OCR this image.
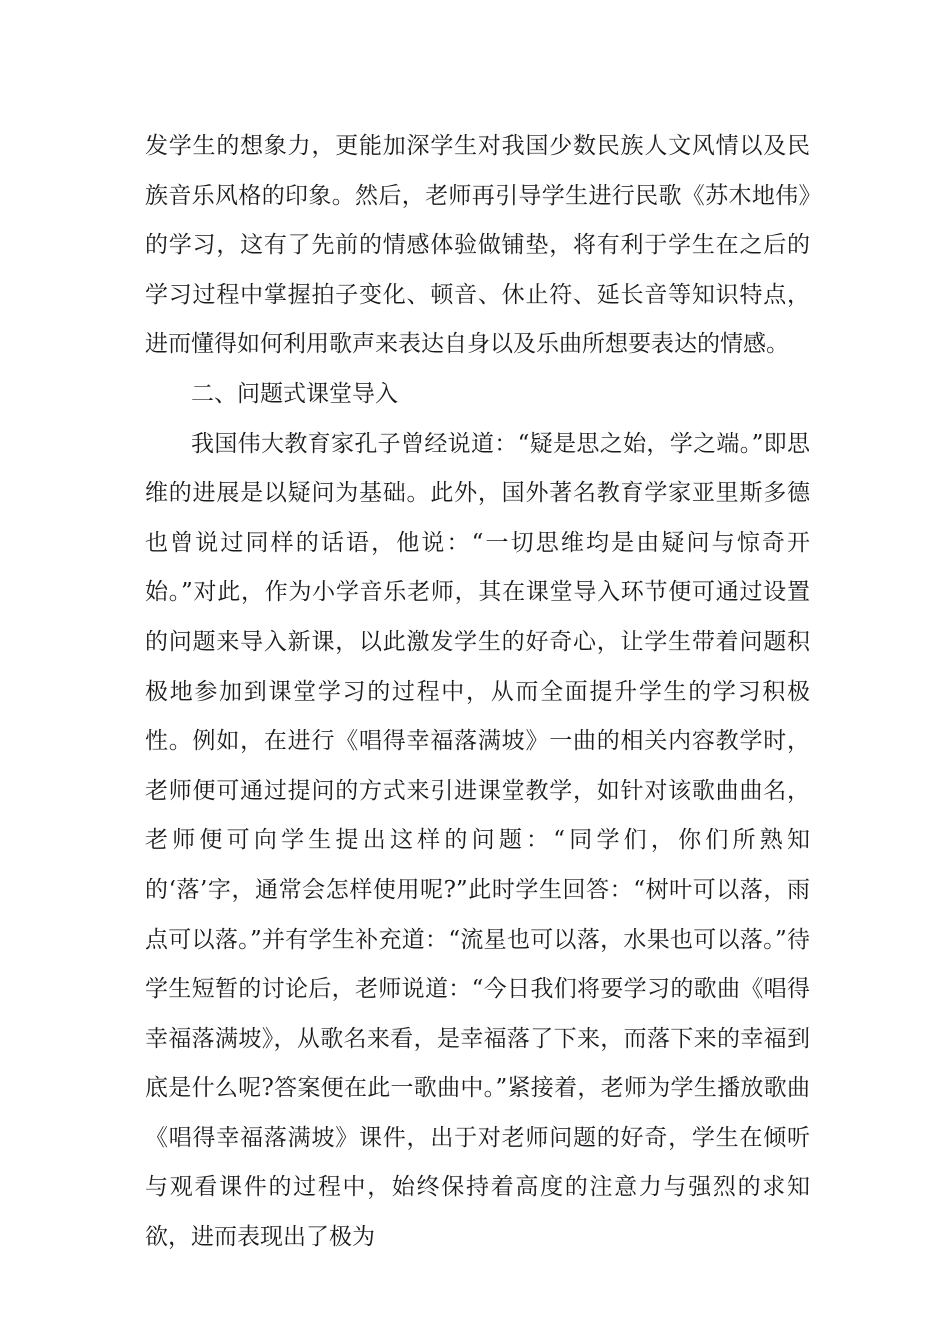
发学生的想象力，更能加深学生对我国少数民族人文风情以及民族音乐风格的印象。然后，老师再引导学生进行民歌《苏木地伟》的学习，这有了先前的情感体验做铺垫，将有利于学生在之后的学习过程中掌握拍子变化、顿音、休止符、延长音等知识特点，进而懂得如何利用歌声来表达自身以及乐曲所想要表达的情感。

二、问题式课堂导入

我国伟大教育家孔子曾经说道：“疑是思之始，学之端。”即思维的进展是以疑问为基础。此外，国外著名教育学家亚里斯多德也曾说过同样的话语，他说：“一切思维均是由疑问与惊奇开始。”对此，作为小学音乐老师，其在课堂导入环节便可通过设置的问题来导入新课，以此激发学生的好奇心，让学生带着问题积极地参加到课堂学习的过程中，从而全面提升学生的学习积极性。例如，在进行《唱得幸福落满坡》一曲的相关内容教学时，老师便可通过提问的方式来引进课堂教学，如针对该歌曲曲名，老师便可向学生提出这样的问题：“同学们，你们所熟知的‘落’字，通常会怎样使用呢?”此时学生回答：“树叶可以落，雨点可以落。”并有学生补充道：“流星也可以落，水果也可以落。”待学生短暂的讨论后，老师说道：“今日我们将要学习的歌曲《唱得幸福落满坡》，从歌名来看，是幸福落了下来，而落下来的幸福到底是什么呢?答案便在此一歌曲中。”紧接着，老师为学生播放歌曲《唱得幸福落满坡》课件，出于对老师问题的好奇，学生在倾听与观看课件的过程中，始终保持着高度的注意力与强烈的求知欲，进而表现出了极为
